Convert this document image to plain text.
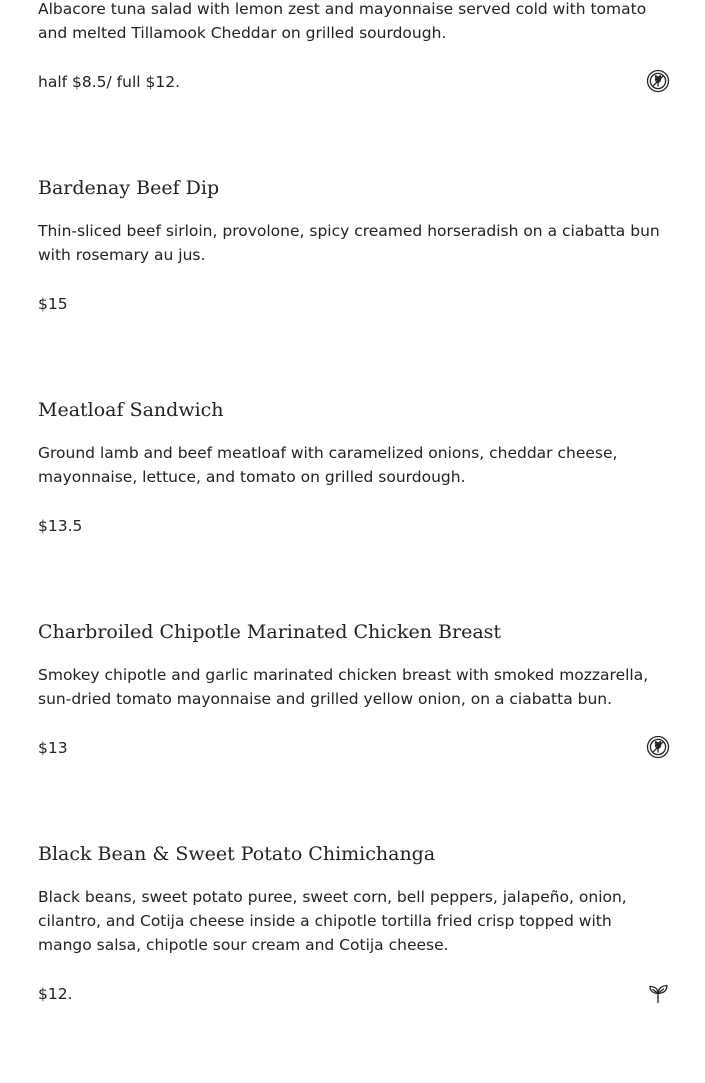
Albacore tuna salad with lemon zest and mayonnaise served cold with tomato and melted Tillamook Cheddar on grilled sourdough.

half $8.5/ full $12.
Bardenay Beef Dip

Thin-sliced beef sirloin, provolone, spicy creamed horseradish on a ciabatta bun with rosemary au jus.

$15
Meatloaf Sandwich

Ground lamb and beef meatloaf with caramelized onions, cheddar cheese, mayonnaise, lettuce, and tomato on grilled sourdough.

$13.5
Charbroiled Chipotle Marinated Chicken Breast

Smokey chipotle and garlic marinated chicken breast with smoked mozzarella, sun-dried tomato mayonnaise and grilled yellow onion, on a ciabatta bun.

$13
Black Bean & Sweet Potato Chimichanga

Black beans, sweet potato puree, sweet corn, bell peppers, jalapeño, onion, cilantro, and Cotija cheese inside a chipotle tortilla fried crisp topped with mango salsa, chipotle sour cream and Cotija cheese.

$12.
